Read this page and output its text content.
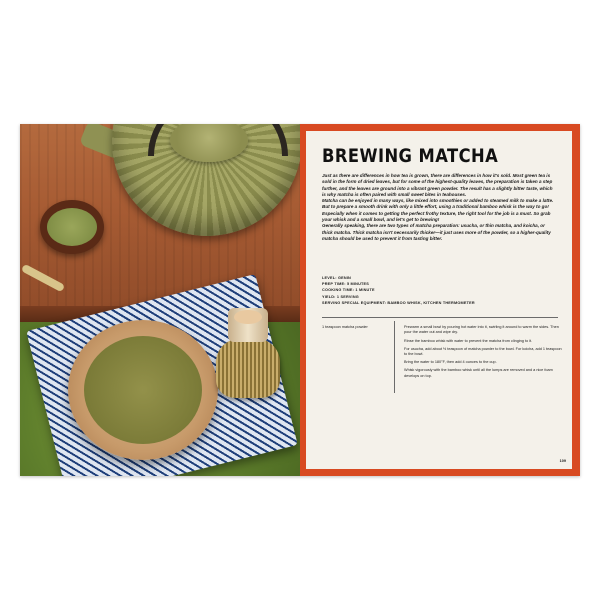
BREWING MATCHA

Just as there are differences in how tea is grown, there are differences in how it's sold. Most green tea is sold in the form of dried leaves, but for some of the highest-quality leaves, the preparation is taken a step further, and the leaves are ground into a vibrant green powder. The result has a slightly bitter taste, which is why matcha is often paired with small sweet bites in teahouses.

Matcha can be enjoyed in many ways, like mixed into smoothies or added to steamed milk to make a latte. But to prepare a smooth drink with only a little effort, using a traditional bamboo whisk is the way to go! Especially when it comes to getting the perfect frothy texture, the right tool for the job is a must. So grab your whisk and a small bowl, and let's get to brewing!

Generally speaking, there are two types of matcha preparation: usucha, or thin matcha, and koicha, or thick matcha. Thick matcha isn't necessarily thicker—it just uses more of the powder, so a higher-quality matcha should be used to prevent it from tasting bitter.

LEVEL: GENIN
PREP TIME: 5 MINUTES
COOKING TIME: 1 MINUTE
YIELD: 1 SERVING
SERVING SPECIAL EQUIPMENT: BAMBOO WHISK, KITCHEN THERMOMETER
1 teaspoon matcha powder	Prewarm a small bowl by pouring hot water into it, swirling it around to warm the sides. Then pour the water out and wipe dry.

Rinse the bamboo whisk with water to prevent the matcha from clinging to it.

For usucha, add about ½ teaspoon of matcha powder to the bowl. For koicha, add 1 teaspoon to the bowl.

Bring the water to 180°F, then add 4 ounces to the cup.

Whisk vigorously with the bamboo whisk until all the lumps are removed and a nice foam develops on top.

109
